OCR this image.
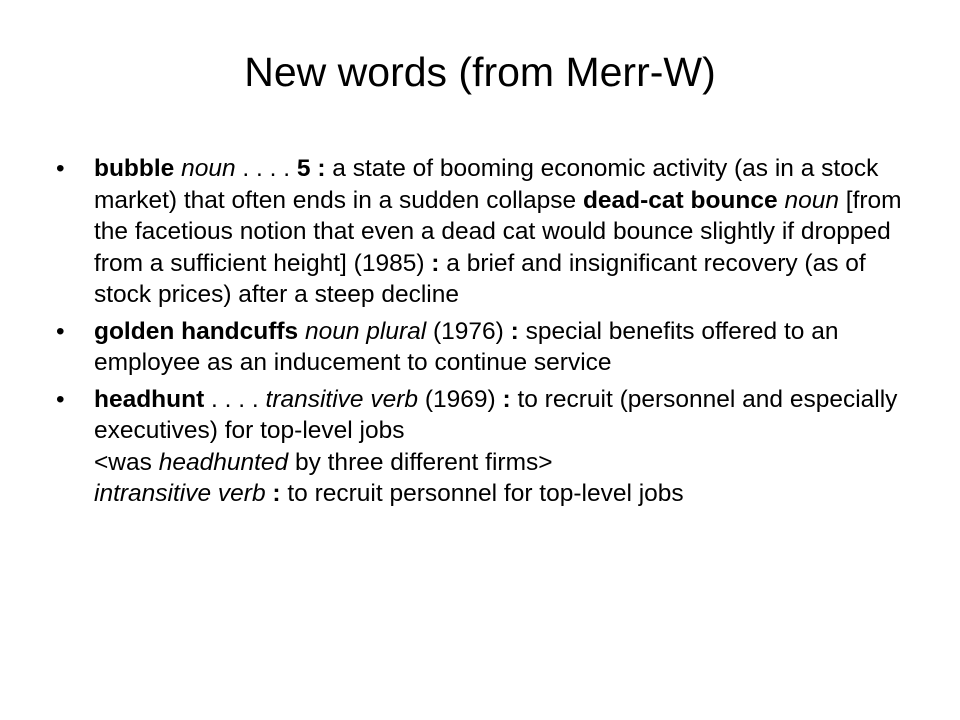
New words (from Merr-W)
• bubble noun . . . . 5 : a state of booming economic activity (as in a stock market) that often ends in a sudden collapse dead-cat bounce noun [from the facetious notion that even a dead cat would bounce slightly if dropped from a sufficient height] (1985) : a brief and insignificant recovery (as of stock prices) after a steep decline
• golden handcuffs noun plural (1976) : special benefits offered to an employee as an inducement to continue service
• headhunt . . . . transitive verb (1969) : to recruit (personnel and especially executives) for top-level jobs
<was headhunted by three different firms>
intransitive verb : to recruit personnel for top-level jobs
